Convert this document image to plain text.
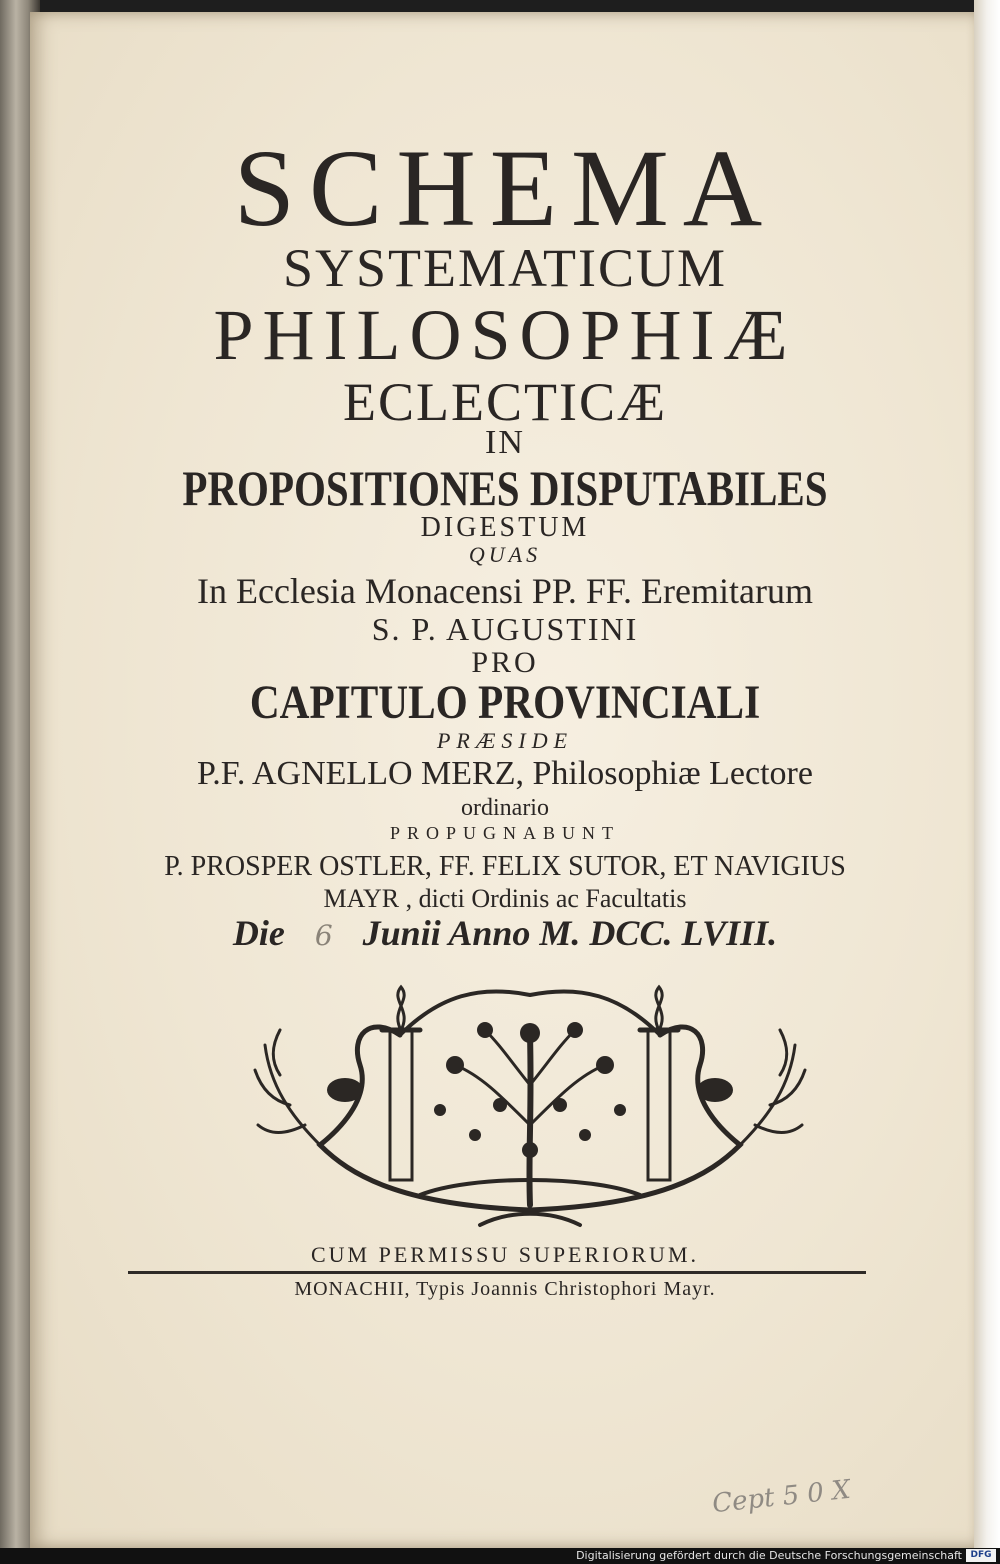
SCHEMA
SYSTEMATICUM
PHILOSOPHIÆ
ECLECTICÆ
IN
PROPOSITIONES DISPUTABILES
DIGESTUM
QUAS
In Ecclesia Monacensi PP. FF. Eremitarum
S. P. AUGUSTINI
PRO
CAPITULO PROVINCIALI
PRÆSIDE
P.F. AGNELLO MERZ, Philosophiæ Lectore
ordinario
PROPUGNABUNT
P. PROSPER OSTLER, FF. FELIX SUTOR, ET NAVIGIUS
MAYR , dicti Ordinis ac Facultatis
Die 6 Junii Anno M. DCC. LVIII.
CUM PERMISSU SUPERIORUM.
MONACHII, Typis Joannis Christophori Mayr.
Cept 5 0 X
Digitalisierung gefördert durch die Deutsche Forschungsgemeinschaft DFG
